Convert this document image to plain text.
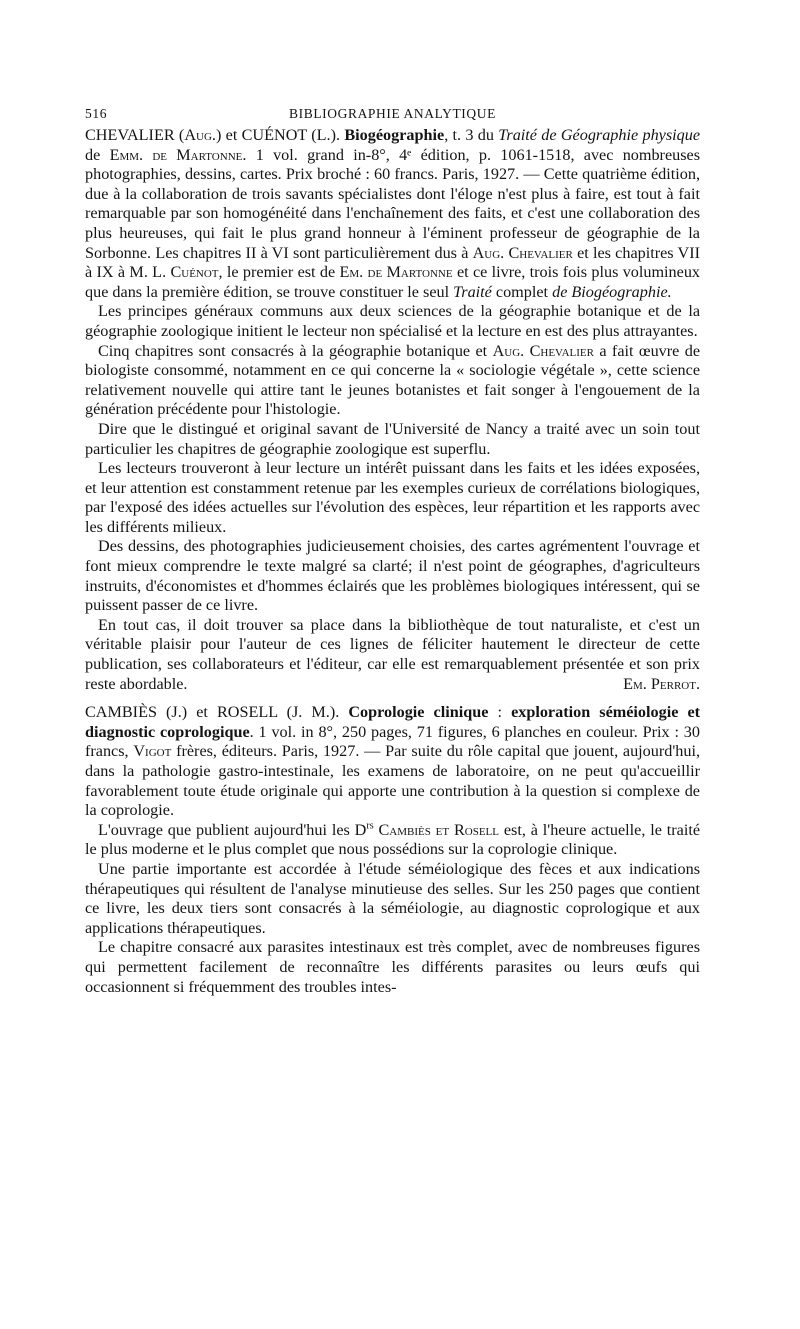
516	BIBLIOGRAPHIE ANALYTIQUE

CHEVALIER (Aug.) et CUÉNOT (L.). Biogéographie, t. 3 du Traité de Géographie physique de Emm. de Martonne. 1 vol. grand in-8°, 4ᵉ édition, p. 1061-1518, avec nombreuses photographies, dessins, cartes. Prix broché : 60 francs. Paris, 1927. — Cette quatrième édition, due à la collaboration de trois savants spécialistes dont l'éloge n'est plus à faire, est tout à fait remarquable par son homogénéité dans l'enchaînement des faits, et c'est une collaboration des plus heureuses, qui fait le plus grand honneur à l'éminent professeur de géographie de la Sorbonne. Les chapitres II à VI sont particulièrement dus à Aug. Chevalier et les chapitres VII à IX à M. L. Cuénot, le premier est de Em. de Martonne et ce livre, trois fois plus volumineux que dans la première édition, se trouve constituer le seul Traité complet de Biogéographie.

Les principes généraux communs aux deux sciences de la géographie botanique et de la géographie zoologique initient le lecteur non spécialisé et la lecture en est des plus attrayantes.

Cinq chapitres sont consacrés à la géographie botanique et Aug. Chevalier a fait œuvre de biologiste consommé, notamment en ce qui concerne la « sociologie végétale », cette science relativement nouvelle qui attire tant le jeunes botanistes et fait songer à l'engouement de la génération précédente pour l'histologie.

Dire que le distingué et original savant de l'Université de Nancy a traité avec un soin tout particulier les chapitres de géographie zoologique est superflu.

Les lecteurs trouveront à leur lecture un intérêt puissant dans les faits et les idées exposées, et leur attention est constamment retenue par les exemples curieux de corrélations biologiques, par l'exposé des idées actuelles sur l'évolution des espèces, leur répartition et les rapports avec les différents milieux.

Des dessins, des photographies judicieusement choisies, des cartes agrémentent l'ouvrage et font mieux comprendre le texte malgré sa clarté; il n'est point de géographes, d'agriculteurs instruits, d'économistes et d'hommes éclairés que les problèmes biologiques intéressent, qui se puissent passer de ce livre.

En tout cas, il doit trouver sa place dans la bibliothèque de tout naturaliste, et c'est un véritable plaisir pour l'auteur de ces lignes de féliciter hautement le directeur de cette publication, ses collaborateurs et l'éditeur, car elle est remarquablement présentée et son prix reste abordable.	Em. Perrot.

CAMBIÈS (J.) et ROSELL (J. M.). Coprologie clinique : exploration séméiologie et diagnostic coprologique. 1 vol. in 8°, 250 pages, 71 figures, 6 planches en couleur. Prix : 30 francs, Vigot frères, éditeurs. Paris, 1927. — Par suite du rôle capital que jouent, aujourd'hui, dans la pathologie gastro-intestinale, les examens de laboratoire, on ne peut qu'accueillir favorablement toute étude originale qui apporte une contribution à la question si complexe de la coprologie.

L'ouvrage que publient aujourd'hui les $D^{rs}$ Cambiès et Rosell est, à l'heure actuelle, le traité le plus moderne et le plus complet que nous possédions sur la coprologie clinique.

Une partie importante est accordée à l'étude séméiologique des fèces et aux indications thérapeutiques qui résultent de l'analyse minutieuse des selles. Sur les 250 pages que contient ce livre, les deux tiers sont consacrés à la séméiologie, au diagnostic coprologique et aux applications thérapeutiques.

Le chapitre consacré aux parasites intestinaux est très complet, avec de nombreuses figures qui permettent facilement de reconnaître les différents parasites ou leurs œufs qui occasionnent si fréquemment des troubles intes-
